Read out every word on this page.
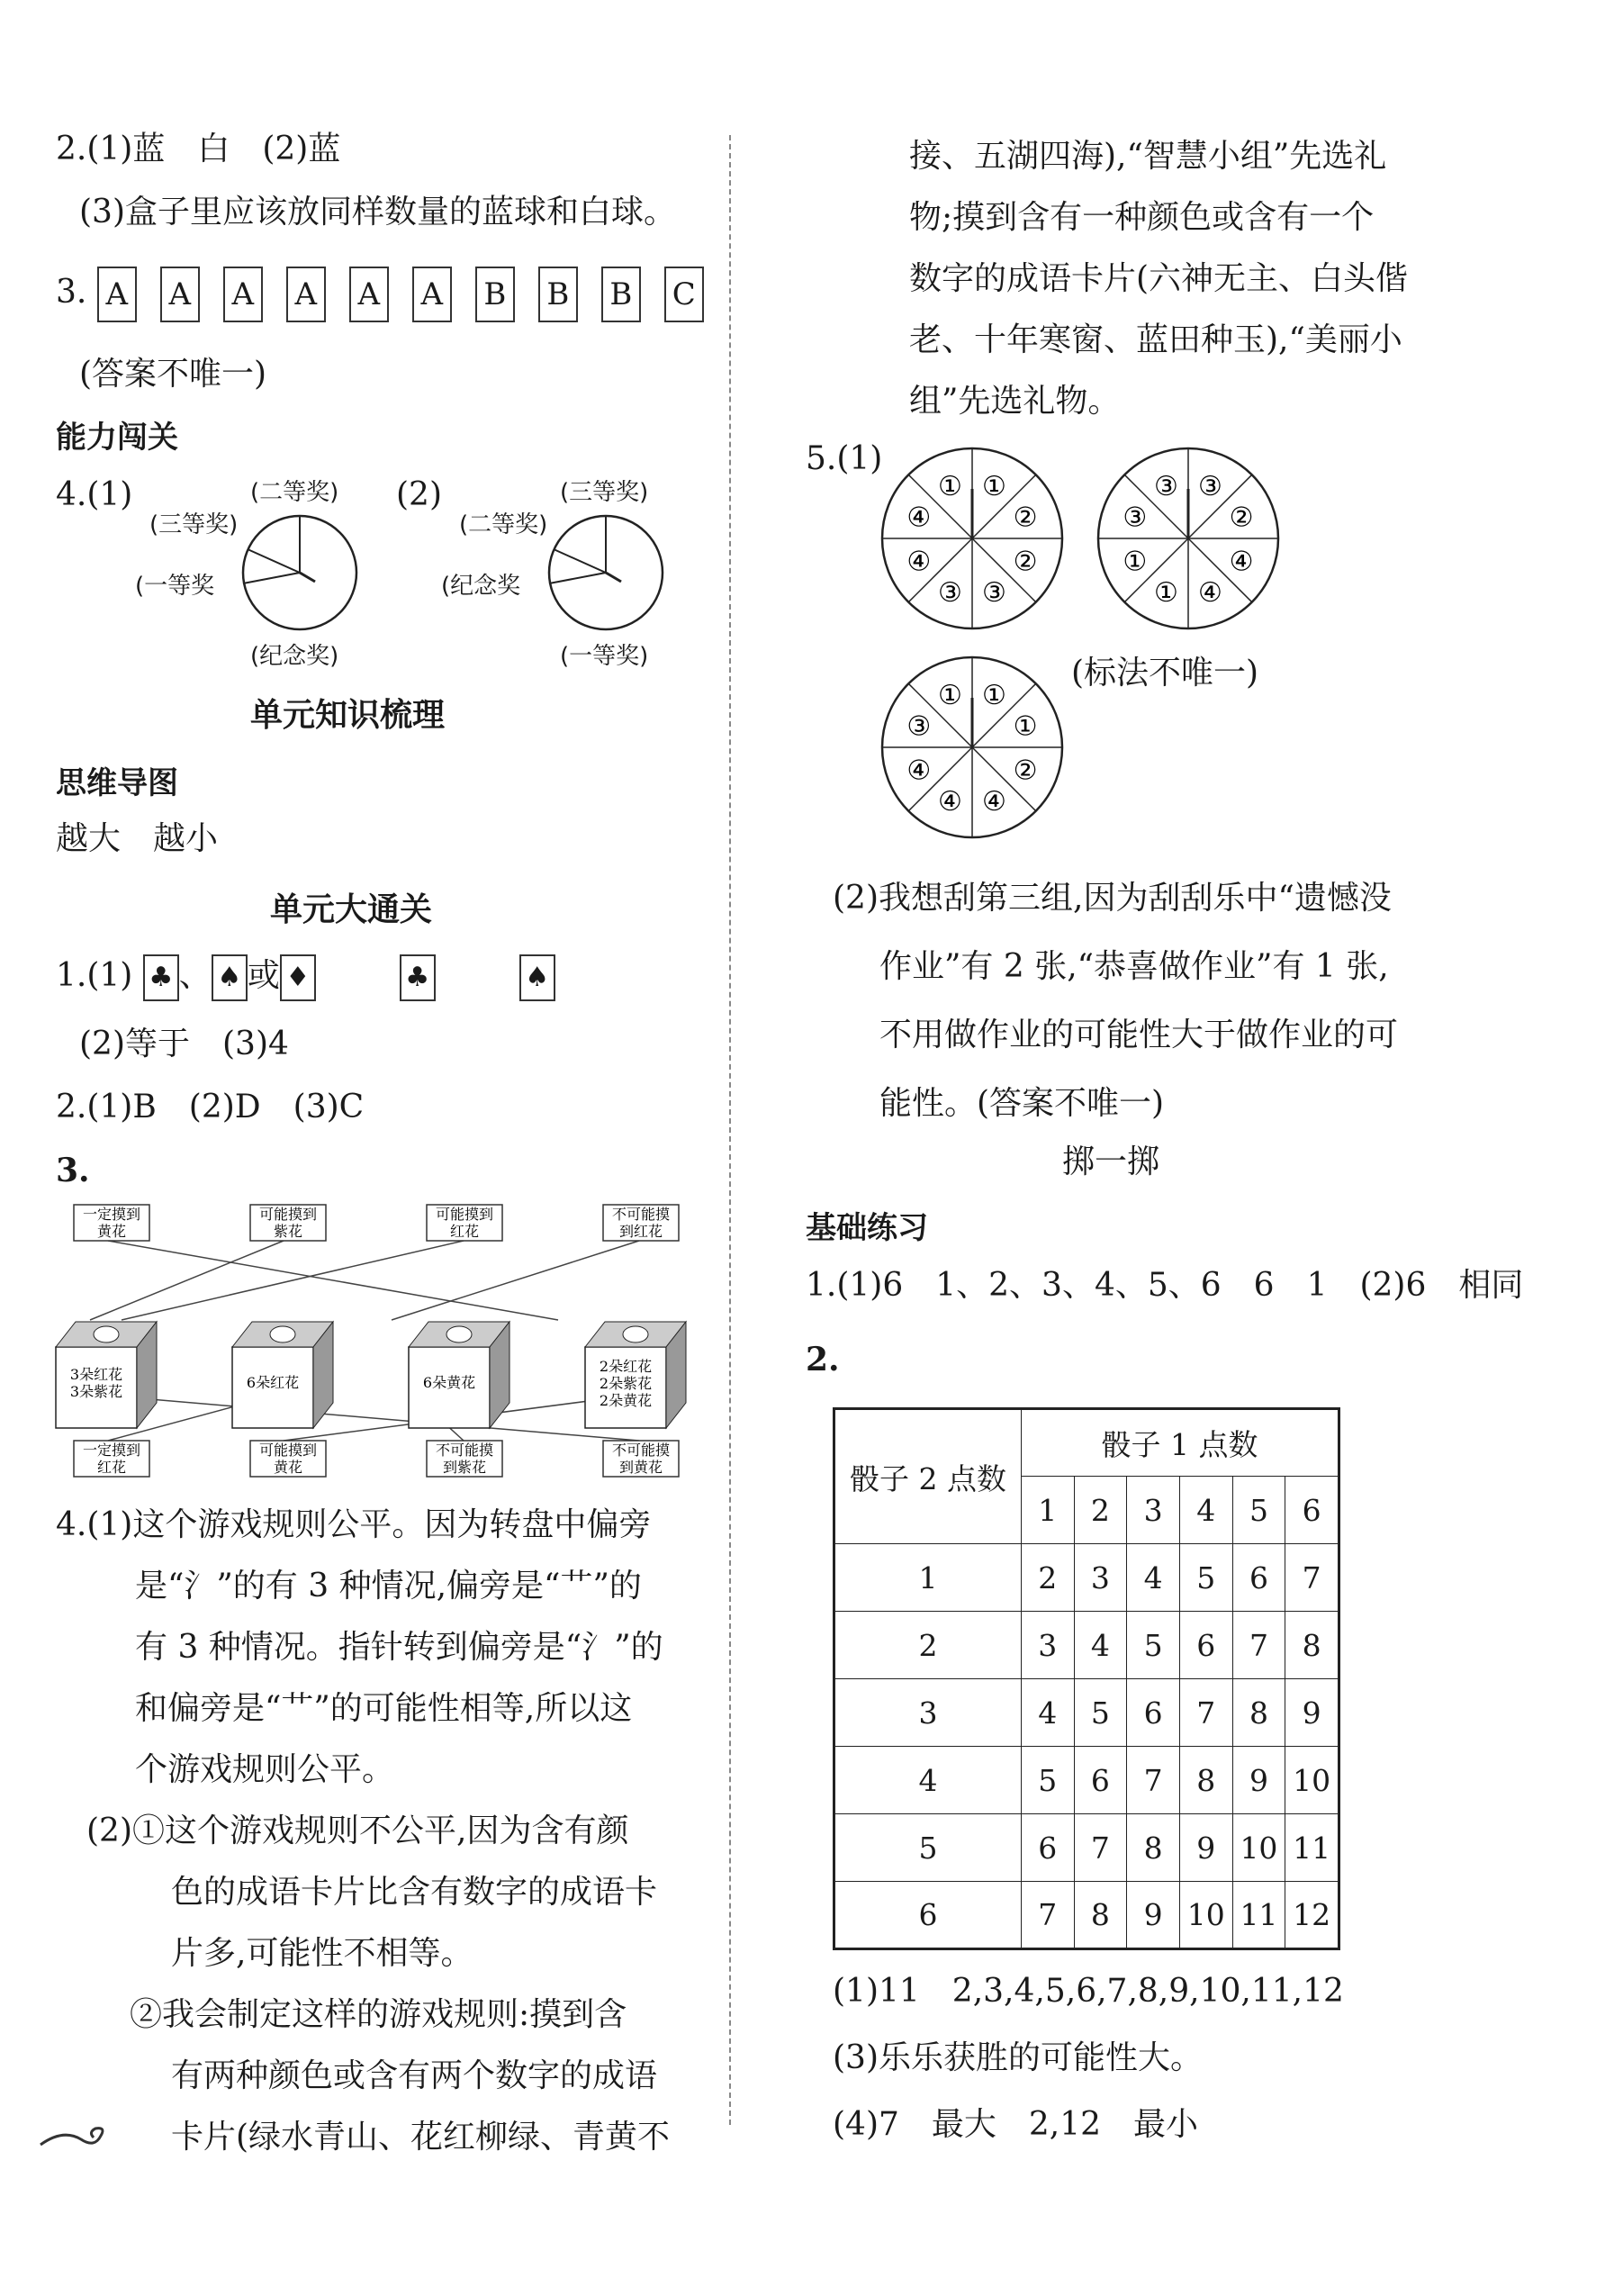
2.(1)蓝　白　(2)蓝
(3)盒子里应该放同样数量的蓝球和白球。
3. A A A A A A B B B C
(答案不唯一)
能力闯关
4.(1)	(2)
(二等奖)
(三等奖)
(一等奖
(纪念奖)
(三等奖)
(二等奖)
(纪念奖
(一等奖)
单元知识梳理
思维导图
越大　越小
单元大通关
1.(1) ♣ 、 ♠ 或 ♦	♣	♠
(2)等于　(3)4
2.(1)B　(2)D　(3)C
3.
3朵红花
3朵紫花
6朵红花	6朵黄花
2朵红花
2朵紫花
2朵黄花
一定摸到
黄花
可能摸到
紫花
可能摸到
红花
不可能摸
到红花
一定摸到
红花
可能摸到
黄花
不可能摸
到紫花
不可能摸
到黄花
4.(1)这个游戏规则公平。因为转盘中偏旁
是“氵”的有 3 种情况,偏旁是“艹”的
有 3 种情况。指针转到偏旁是“氵”的
和偏旁是“艹”的可能性相等,所以这
个游戏规则公平。
(2)①这个游戏规则不公平,因为含有颜
色的成语卡片比含有数字的成语卡
片多,可能性不相等。
②我会制定这样的游戏规则:摸到含
有两种颜色或含有两个数字的成语
卡片(绿水青山、花红柳绿、青黄不
接、五湖四海),“智慧小组”先选礼
物;摸到含有一种颜色或含有一个
数字的成语卡片(六神无主、白头偕
老、十年寒窗、蓝田种玉),“美丽小
组”先选礼物。
5.(1)
①
②
②
③
③
④
④
①	③
②
④
④
①
①
③
③
①
①
②
④
④
④
③
①
(标法不唯一)
(2)我想刮第三组,因为刮刮乐中“遗憾没
作业”有 2 张,“恭喜做作业”有 1 张,
不用做作业的可能性大于做作业的可
能性。(答案不唯一)
掷一掷
基础练习
1.(1)6　1、2、3、4、5、6　6　1　(2)6　相同
2.
骰子 2 点数	骰子 1 点数					
	1	2	3	4	5	6
1	2	3	4	5	6	7
2	3	4	5	6	7	8
3	4	5	6	7	8	9
4	5	6	7	8	9	10
5	6	7	8	9	10	11
6	7	8	9	10	11	12
(1)11　2,3,4,5,6,7,8,9,10,11,12
(3)乐乐获胜的可能性大。
(4)7　最大　2,12　最小
